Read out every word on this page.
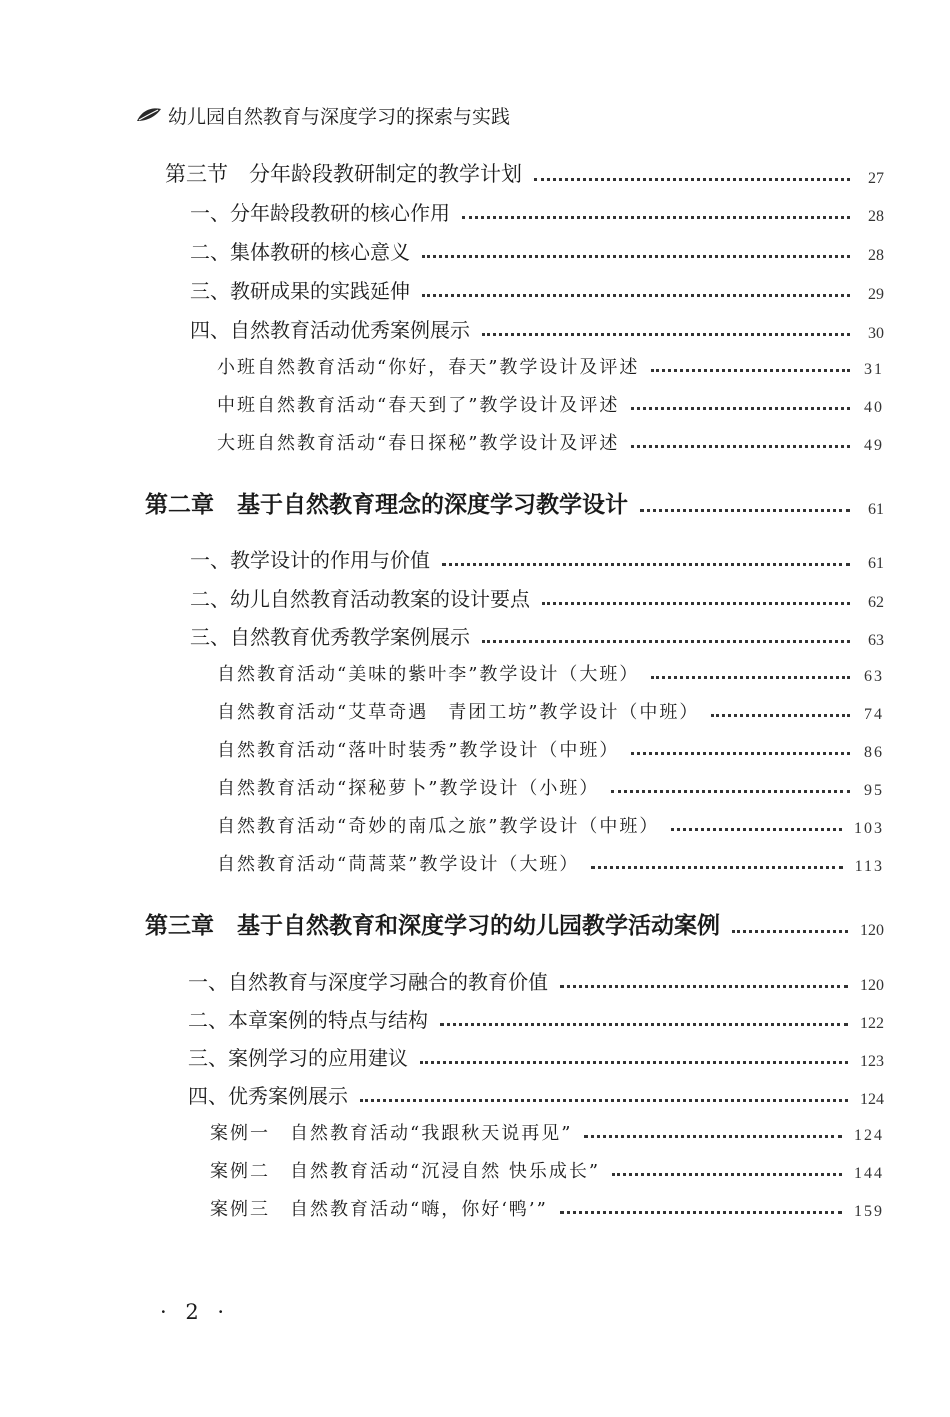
幼儿园自然教育与深度学习的探索与实践
第三节　分年龄段教研制定的教学计划	27
一、分年龄段教研的核心作用	28
二、集体教研的核心意义	28
三、教研成果的实践延伸	29
四、自然教育活动优秀案例展示	30
小班自然教育活动“你好，春天”教学设计及评述	31
中班自然教育活动“春天到了”教学设计及评述	40
大班自然教育活动“春日探秘”教学设计及评述	49
第二章　基于自然教育理念的深度学习教学设计	61
一、教学设计的作用与价值	61
二、幼儿自然教育活动教案的设计要点	62
三、自然教育优秀教学案例展示	63
自然教育活动“美味的紫叶李”教学设计（大班）	63
自然教育活动“艾草奇遇　青团工坊”教学设计（中班）	74
自然教育活动“落叶时装秀”教学设计（中班）	86
自然教育活动“探秘萝卜”教学设计（小班）	95
自然教育活动“奇妙的南瓜之旅”教学设计（中班）	103
自然教育活动“茼蒿菜”教学设计（大班）	113
第三章　基于自然教育和深度学习的幼儿园教学活动案例	120
一、自然教育与深度学习融合的教育价值	120
二、本章案例的特点与结构	122
三、案例学习的应用建议	123
四、优秀案例展示	124
案例一　自然教育活动“我跟秋天说再见”	124
案例二　自然教育活动“沉浸自然 快乐成长”	144
案例三　自然教育活动“嗨，你好‘鸭’”	159
· 2 ·
